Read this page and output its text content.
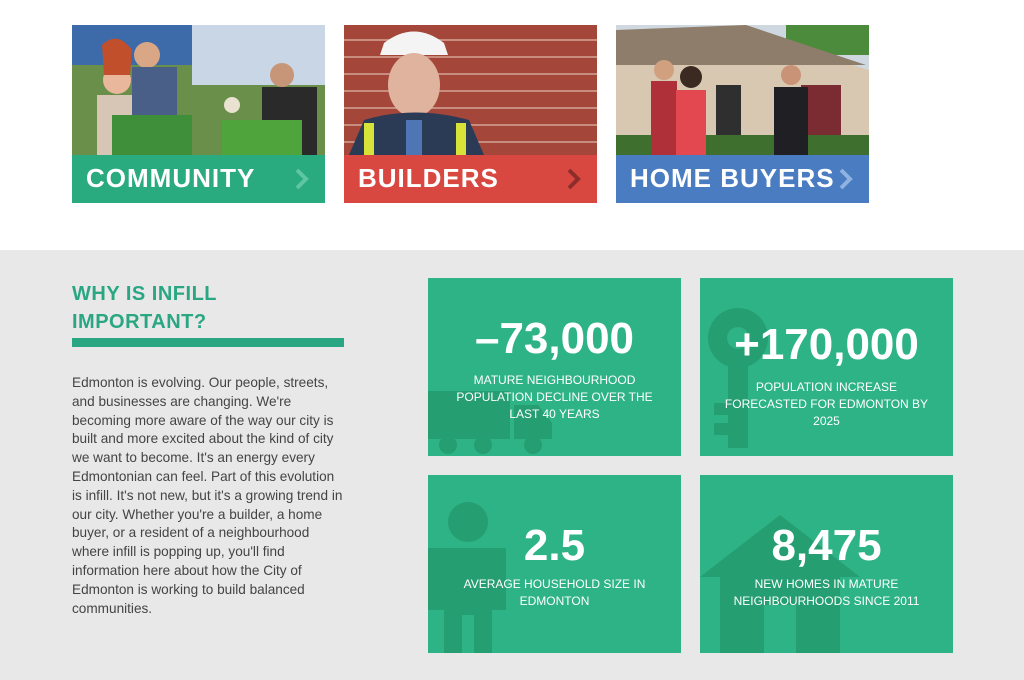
COMMUNITY	BUILDERS	HOME BUYERS
WHY IS INFILL
IMPORTANT?
Edmonton is evolving. Our people, streets, and businesses are changing. We're becoming more aware of the way our city is built and more excited about the kind of city we want to become. It's an energy every Edmontonian can feel. Part of this evolution is infill. It's not new, but it's a growing trend in our city. Whether you're a builder, a home buyer, or a resident of a neighbourhood where infill is popping up, you'll find information here about how the City of Edmonton is working to build balanced communities.
–73,000
MATURE NEIGHBOURHOOD POPULATION DECLINE OVER THE LAST 40 YEARS
+170,000
POPULATION INCREASE FORECASTED FOR EDMONTON BY 2025
2.5
AVERAGE HOUSEHOLD SIZE IN EDMONTON
8,475
NEW HOMES IN MATURE NEIGHBOURHOODS SINCE 2011
